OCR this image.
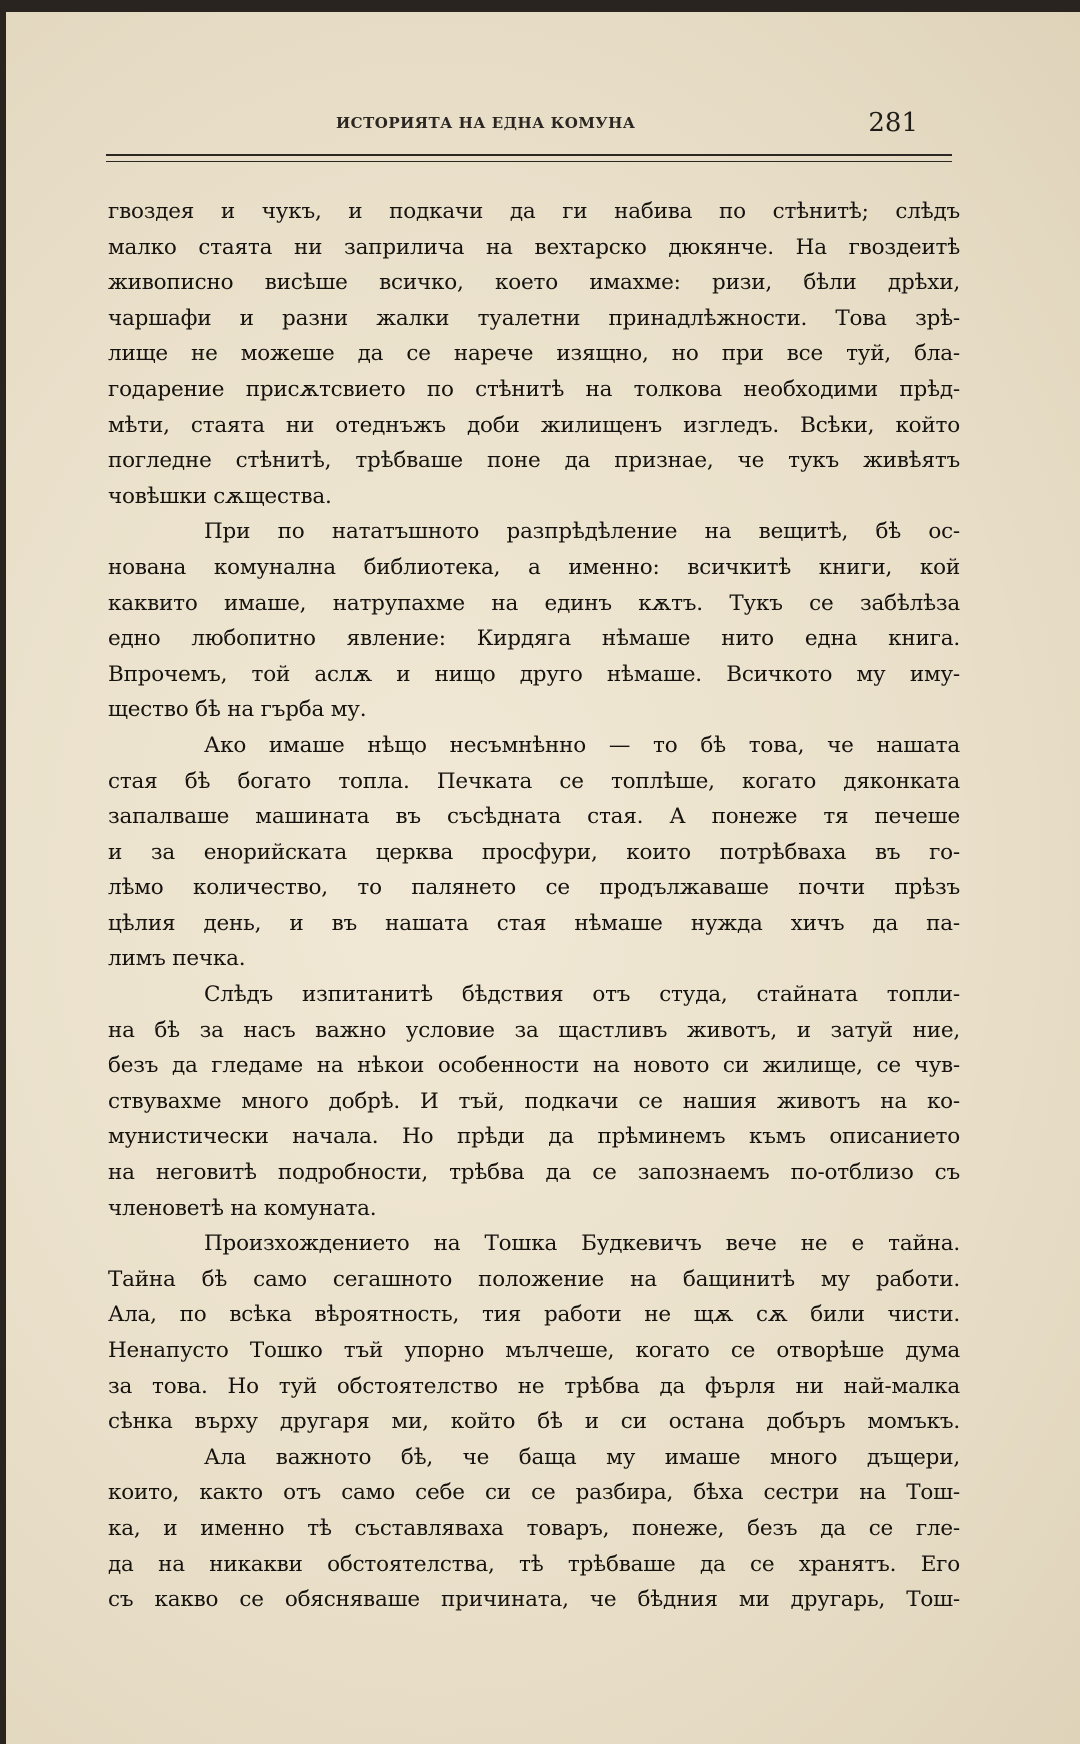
ИСТОРИЯТА НА ЕДНА КОМУНА	281
гвоздея и чукъ, и подкачи да ги набива по стѣнитѣ; слѣдъ
малко стаята ни заприлича на вехтарско дюкянче. На гвоздеитѣ
живописно висѣше всичко, което имахме: ризи, бѣли дрѣхи,
чаршафи и разни жалки туалетни принадлѣжности. Това зрѣ-
лище не можеше да се нарече изящно, но при все туй, бла-
годарение присѫтсвието по стѣнитѣ на толкова необходими прѣд-
мѣти, стаята ни отеднъжъ доби жилищенъ изгледъ. Всѣки, който
погледне стѣнитѣ, трѣбваше поне да признае, че тукъ живѣятъ
човѣшки сѫщества.
При по нататъшното разпрѣдѣление на вещитѣ, бѣ ос-
нована комунална библиотека, а именно: всичкитѣ книги, кой
каквито имаше, натрупахме на единъ кѫтъ. Тукъ се забѣлѣза
едно любопитно явление: Кирдяга нѣмаше нито една книга.
Впрочемъ, той аслѫ и нищо друго нѣмаше. Всичкото му иму-
щество бѣ на гърба му.
Ако имаше нѣщо несъмнѣнно — то бѣ това, че нашата
стая бѣ богато топла. Печката се топлѣше, когато дяконката
запалваше машината въ съсѣдната стая. А понеже тя печеше
и за енорийската церква просфури, които потрѣбваха въ го-
лѣмо количество, то палянето се продължаваше почти прѣзъ
цѣлия день, и въ нашата стая нѣмаше нужда хичъ да па-
лимъ печка.
Слѣдъ изпитанитѣ бѣдствия отъ студа, стайната топли-
на бѣ за насъ важно условие за щастливъ животъ, и затуй ние,
безъ да гледаме на нѣкои особенности на новото си жилище, се чув-
ствувахме много добрѣ. И тъй, подкачи се нашия животъ на ко-
мунистически начала. Но прѣди да прѣминемъ къмъ описанието
на неговитѣ подробности, трѣбва да се запознаемъ по-отблизо съ
членоветѣ на комуната.
Произхождението на Тошка Будкевичъ вече не е тайна.
Тайна бѣ само сегашното положение на бащинитѣ му работи.
Ала, по всѣка вѣроятность, тия работи не щѫ сѫ били чисти.
Ненапусто Тошко тъй упорно мълчеше, когато се отворѣше дума
за това. Но туй обстоятелство не трѣбва да фърля ни най-малка
сѣнка върху другаря ми, който бѣ и си остана добъръ момъкъ.
Ала важното бѣ, че баща му имаше много дъщери,
които, както отъ само себе си се разбира, бѣха сестри на Тош-
ка, и именно тѣ съставляваха товаръ, понеже, безъ да се гле-
да на никакви обстоятелства, тѣ трѣбваше да се хранятъ. Его
съ какво се обясняваше причината, че бѣдния ми другарь, Тош-
